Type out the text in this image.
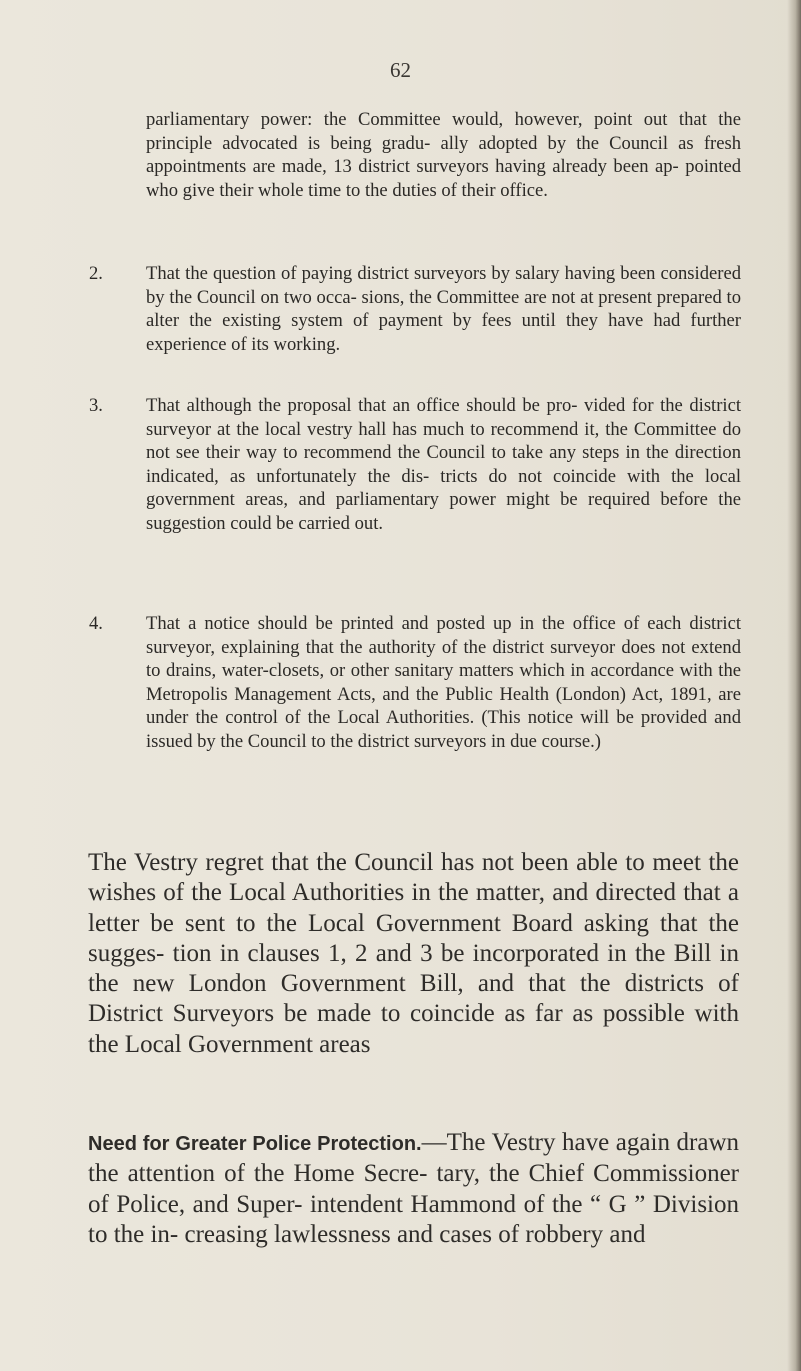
62
parliamentary power: the Committee would, however, point out that the principle advocated is being gradu- ally adopted by the Council as fresh appointments are made, 13 district surveyors having already been ap- pointed who give their whole time to the duties of their office.
2.	That the question of paying district surveyors by salary having been considered by the Council on two occa- sions, the Committee are not at present prepared to alter the existing system of payment by fees until they have had further experience of its working.
3.	That although the proposal that an office should be pro- vided for the district surveyor at the local vestry hall has much to recommend it, the Committee do not see their way to recommend the Council to take any steps in the direction indicated, as unfortunately the dis- tricts do not coincide with the local government areas, and parliamentary power might be required before the suggestion could be carried out.
4.	That a notice should be printed and posted up in the office of each district surveyor, explaining that the authority of the district surveyor does not extend to drains, water-closets, or other sanitary matters which in accordance with the Metropolis Management Acts, and the Public Health (London) Act, 1891, are under the control of the Local Authorities. (This notice will be provided and issued by the Council to the district surveyors in due course.)
The Vestry regret that the Council has not been able to meet the wishes of the Local Authorities in the matter, and directed that a letter be sent to the Local Government Board asking that the sugges- tion in clauses 1, 2 and 3 be incorporated in the Bill in the new London Government Bill, and that the districts of District Surveyors be made to coincide as far as possible with the Local Government areas
Need for Greater Police Protection.—The Vestry have again drawn the attention of the Home Secre- tary, the Chief Commissioner of Police, and Super- intendent Hammond of the “ G ” Division to the in- creasing lawlessness and cases of robbery and
